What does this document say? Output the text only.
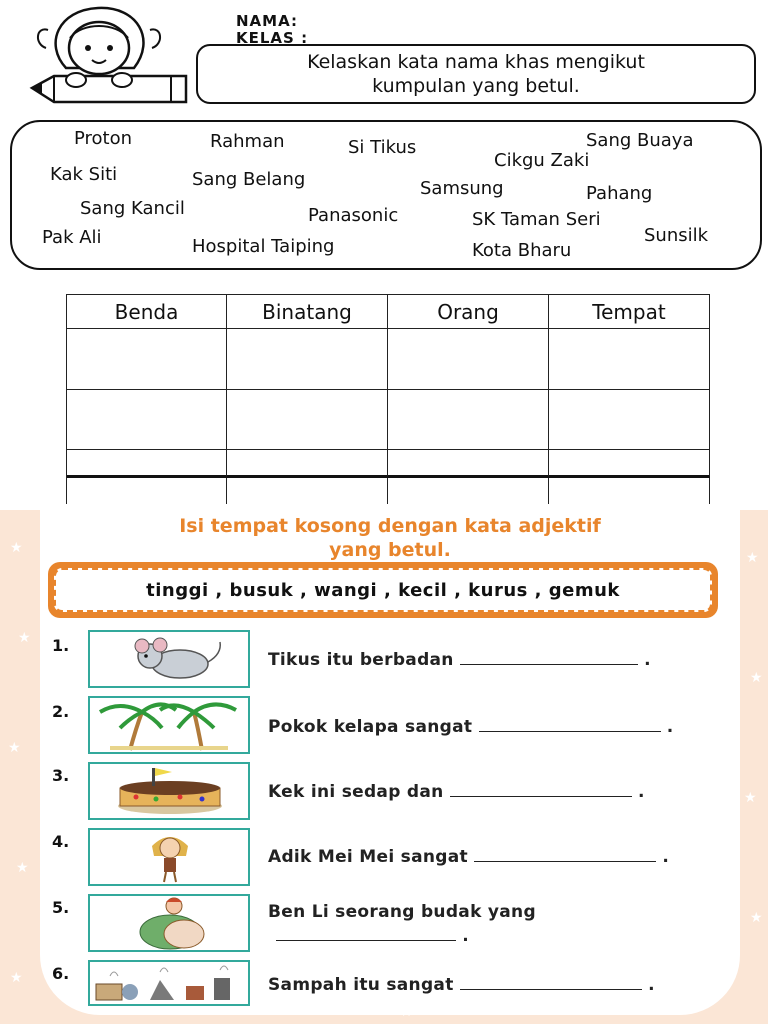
NAMA:
KELAS :
Kelaskan kata nama khas mengikut
kumpulan yang betul.
Proton	Rahman	Si Tikus	Sang Buaya
Cikgu Zaki
Kak Siti	Sang Belang	Samsung	Pahang
Sang Kancil	Panasonic	SK Taman Seri
Pak Ali	Sunsilk
Hospital Taiping	Kota Bharu
Benda	Binatang	Orang	Tempat
★
★
★
★
★
★
★
★
★
Isi tempat kosong dengan kata adjektif
yang betul.
tinggi , busuk , wangi , kecil , kurus , gemuk
1.
Tikus itu berbadan	.
2.
Pokok kelapa sangat	.
3.
Kek ini sedap dan	.
4.
Adik Mei Mei sangat	.
5.	Ben Li seorang budak yang
.
6.
Sampah itu sangat	.
